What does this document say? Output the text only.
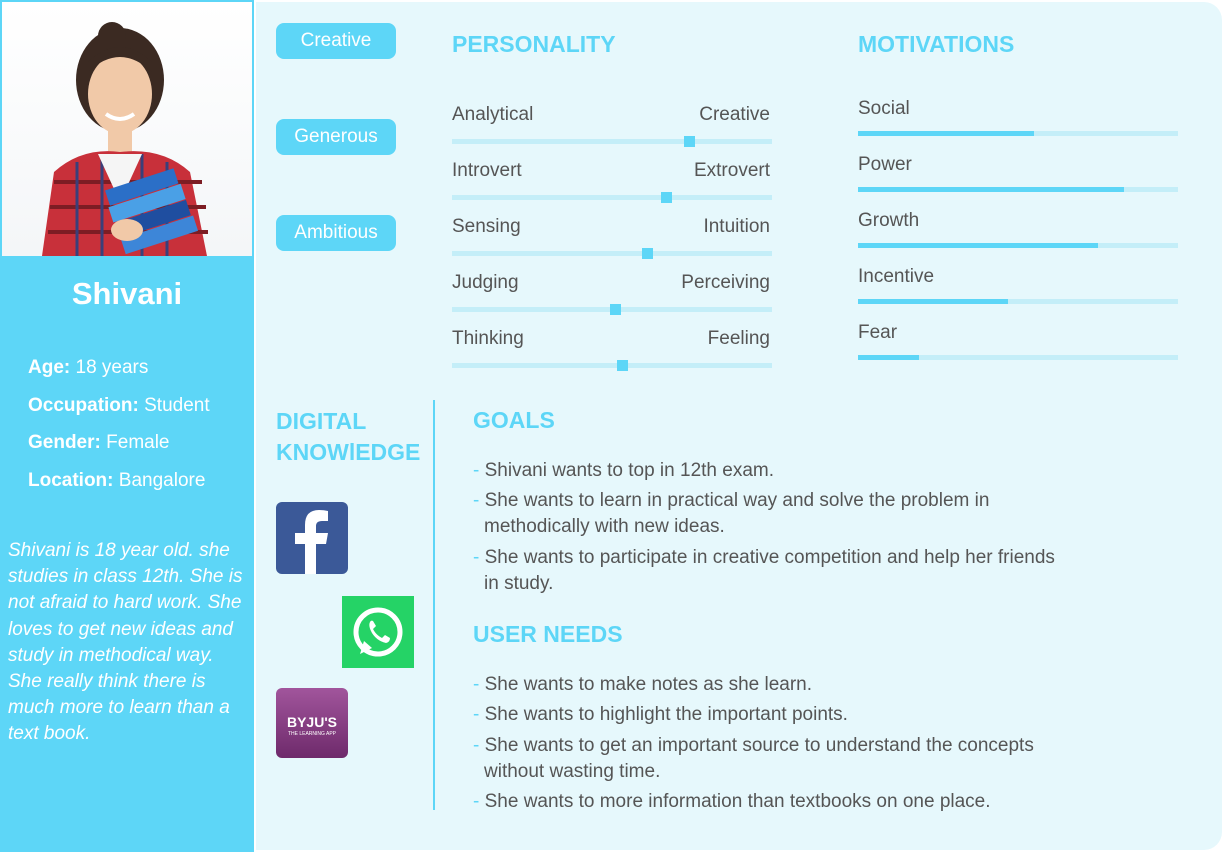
Shivani
Age: 18 years
Occupation: Student
Gender: Female
Location: Bangalore
Shivani is 18 year old. she studies in class 12th. She is not afraid to hard work. She loves to get new ideas and study in methodical way. She really think there is much more to learn than a text book.
Creative
Generous
Ambitious
PERSONALITY
Analytical	Creative
Introvert	Extrovert
Sensing	Intuition
Judging	Perceiving
Thinking	Feeling
MOTIVATIONS
Social
Power
Growth
Incentive
Fear
DIGITAL
KNOWlEDGE
BYJU'S
THE LEARNING APP
GOALS
- Shivani wants to top in 12th exam.
- She wants to learn in practical way and solve the problem in
methodically with new ideas.
- She wants to participate in creative competition and help her friends
in study.
USER NEEDS
- She wants to make notes as she learn.
- She wants to highlight the important points.
- She wants to get an important source to understand the concepts
without wasting time.
- She wants to more information than textbooks on one place.
